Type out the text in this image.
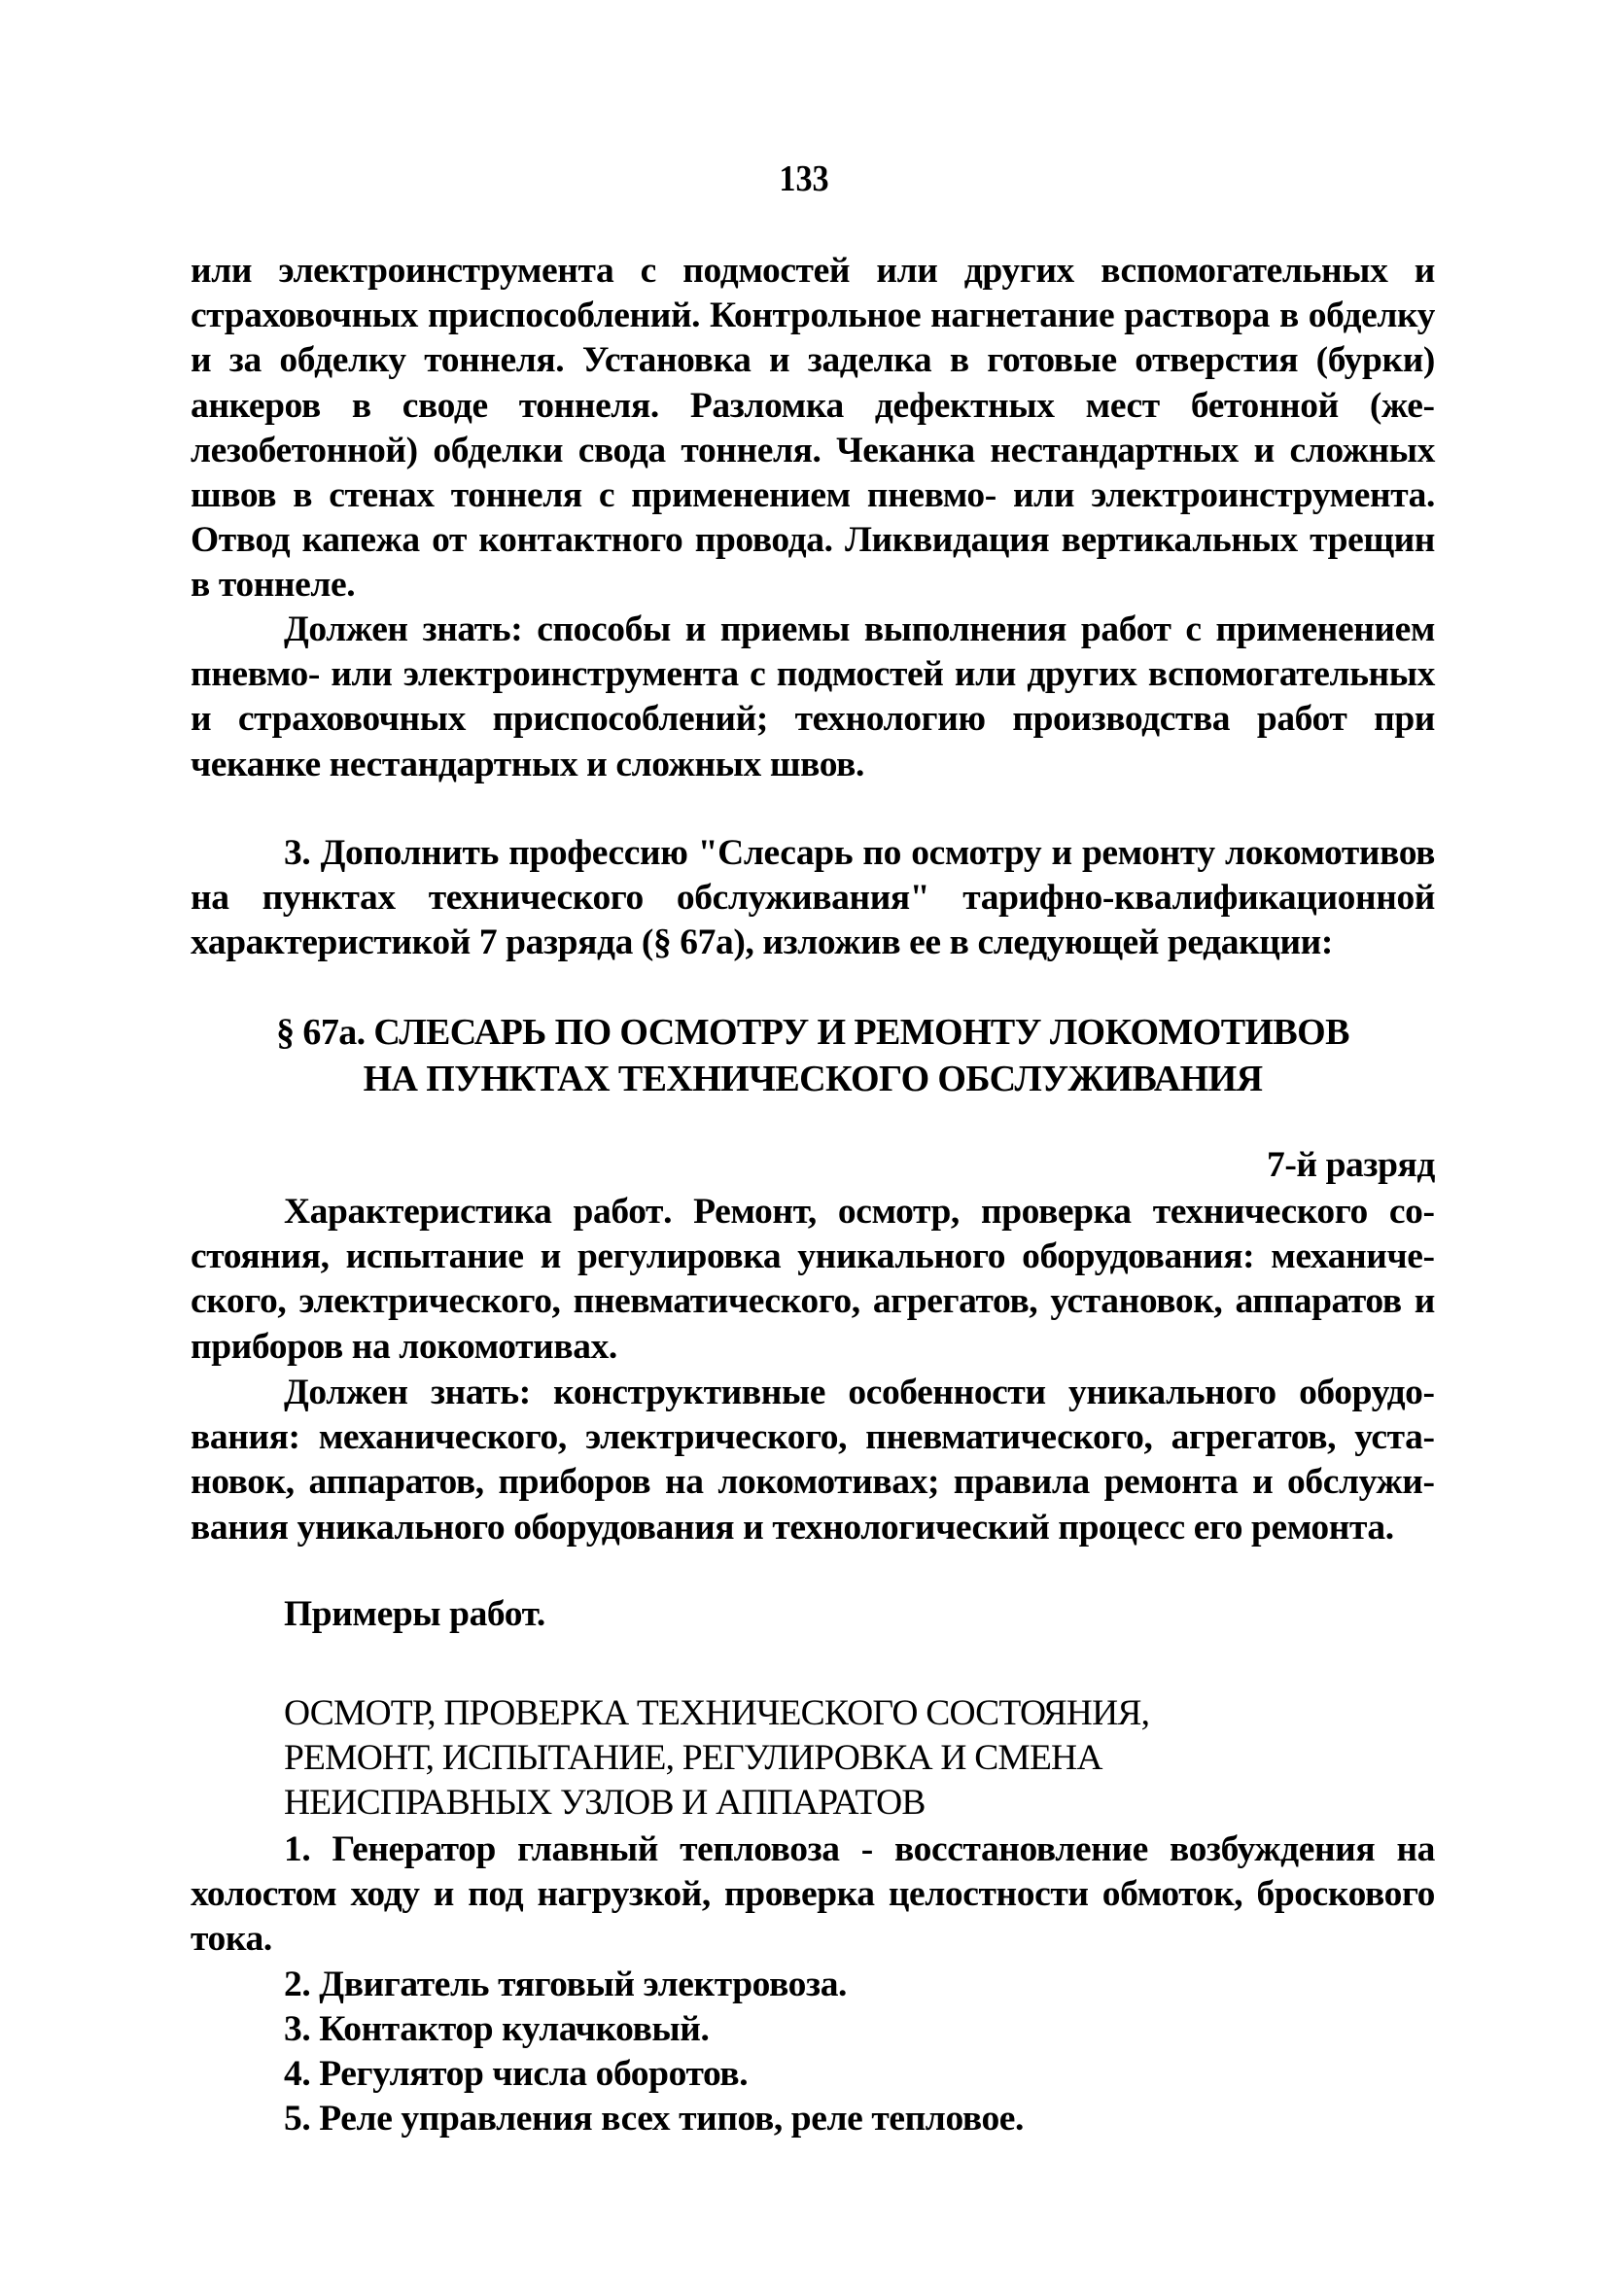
133

или электроинструмента с подмостей или других вспомогательных и страховочных приспособлений. Контрольное нагнетание раствора в обделку и за обделку тоннеля. Установка и заделка в готовые отверстия (бурки) анкеров в своде тоннеля. Разломка дефектных мест бетонной (железобетонной) обделки свода тоннеля. Чеканка нестандартных и сложных швов в стенах тоннеля с применением пневмо- или электроинструмента. Отвод капежа от контактного провода. Ликвидация вертикальных трещин в тоннеле.

Должен знать: способы и приемы выполнения работ с применением пневмо- или электроинструмента с подмостей или других вспомогательных и страховочных приспособлений; технологию производства работ при чеканке нестандартных и сложных швов.

3. Дополнить профессию "Слесарь по осмотру и ремонту локомотивов на пунктах технического обслуживания" тарифно-квалификационной характеристикой 7 разряда (§ 67а), изложив ее в следующей редакции:

§ 67а. СЛЕСАРЬ ПО ОСМОТРУ И РЕМОНТУ ЛОКОМОТИВОВ
НА ПУНКТАХ ТЕХНИЧЕСКОГО ОБСЛУЖИВАНИЯ

7-й разряд

Характеристика работ. Ремонт, осмотр, проверка технического состояния, испытание и регулировка уникального оборудования: механического, электрического, пневматического, агрегатов, установок, аппаратов и приборов на локомотивах.

Должен знать: конструктивные особенности уникального оборудования: механического, электрического, пневматического, агрегатов, установок, аппаратов, приборов на локомотивах; правила ремонта и обслуживания уникального оборудования и технологический процесс его ремонта.

Примеры работ.

ОСМОТР, ПРОВЕРКА ТЕХНИЧЕСКОГО СОСТОЯНИЯ,

РЕМОНТ, ИСПЫТАНИЕ, РЕГУЛИРОВКА И СМЕНА

НЕИСПРАВНЫХ УЗЛОВ И АППАРАТОВ

1. Генератор главный тепловоза - восстановление возбуждения на холостом ходу и под нагрузкой, проверка целостности обмоток, броскового тока.

2. Двигатель тяговый электровоза.

3. Контактор кулачковый.

4. Регулятор числа оборотов.

5. Реле управления всех типов, реле тепловое.
